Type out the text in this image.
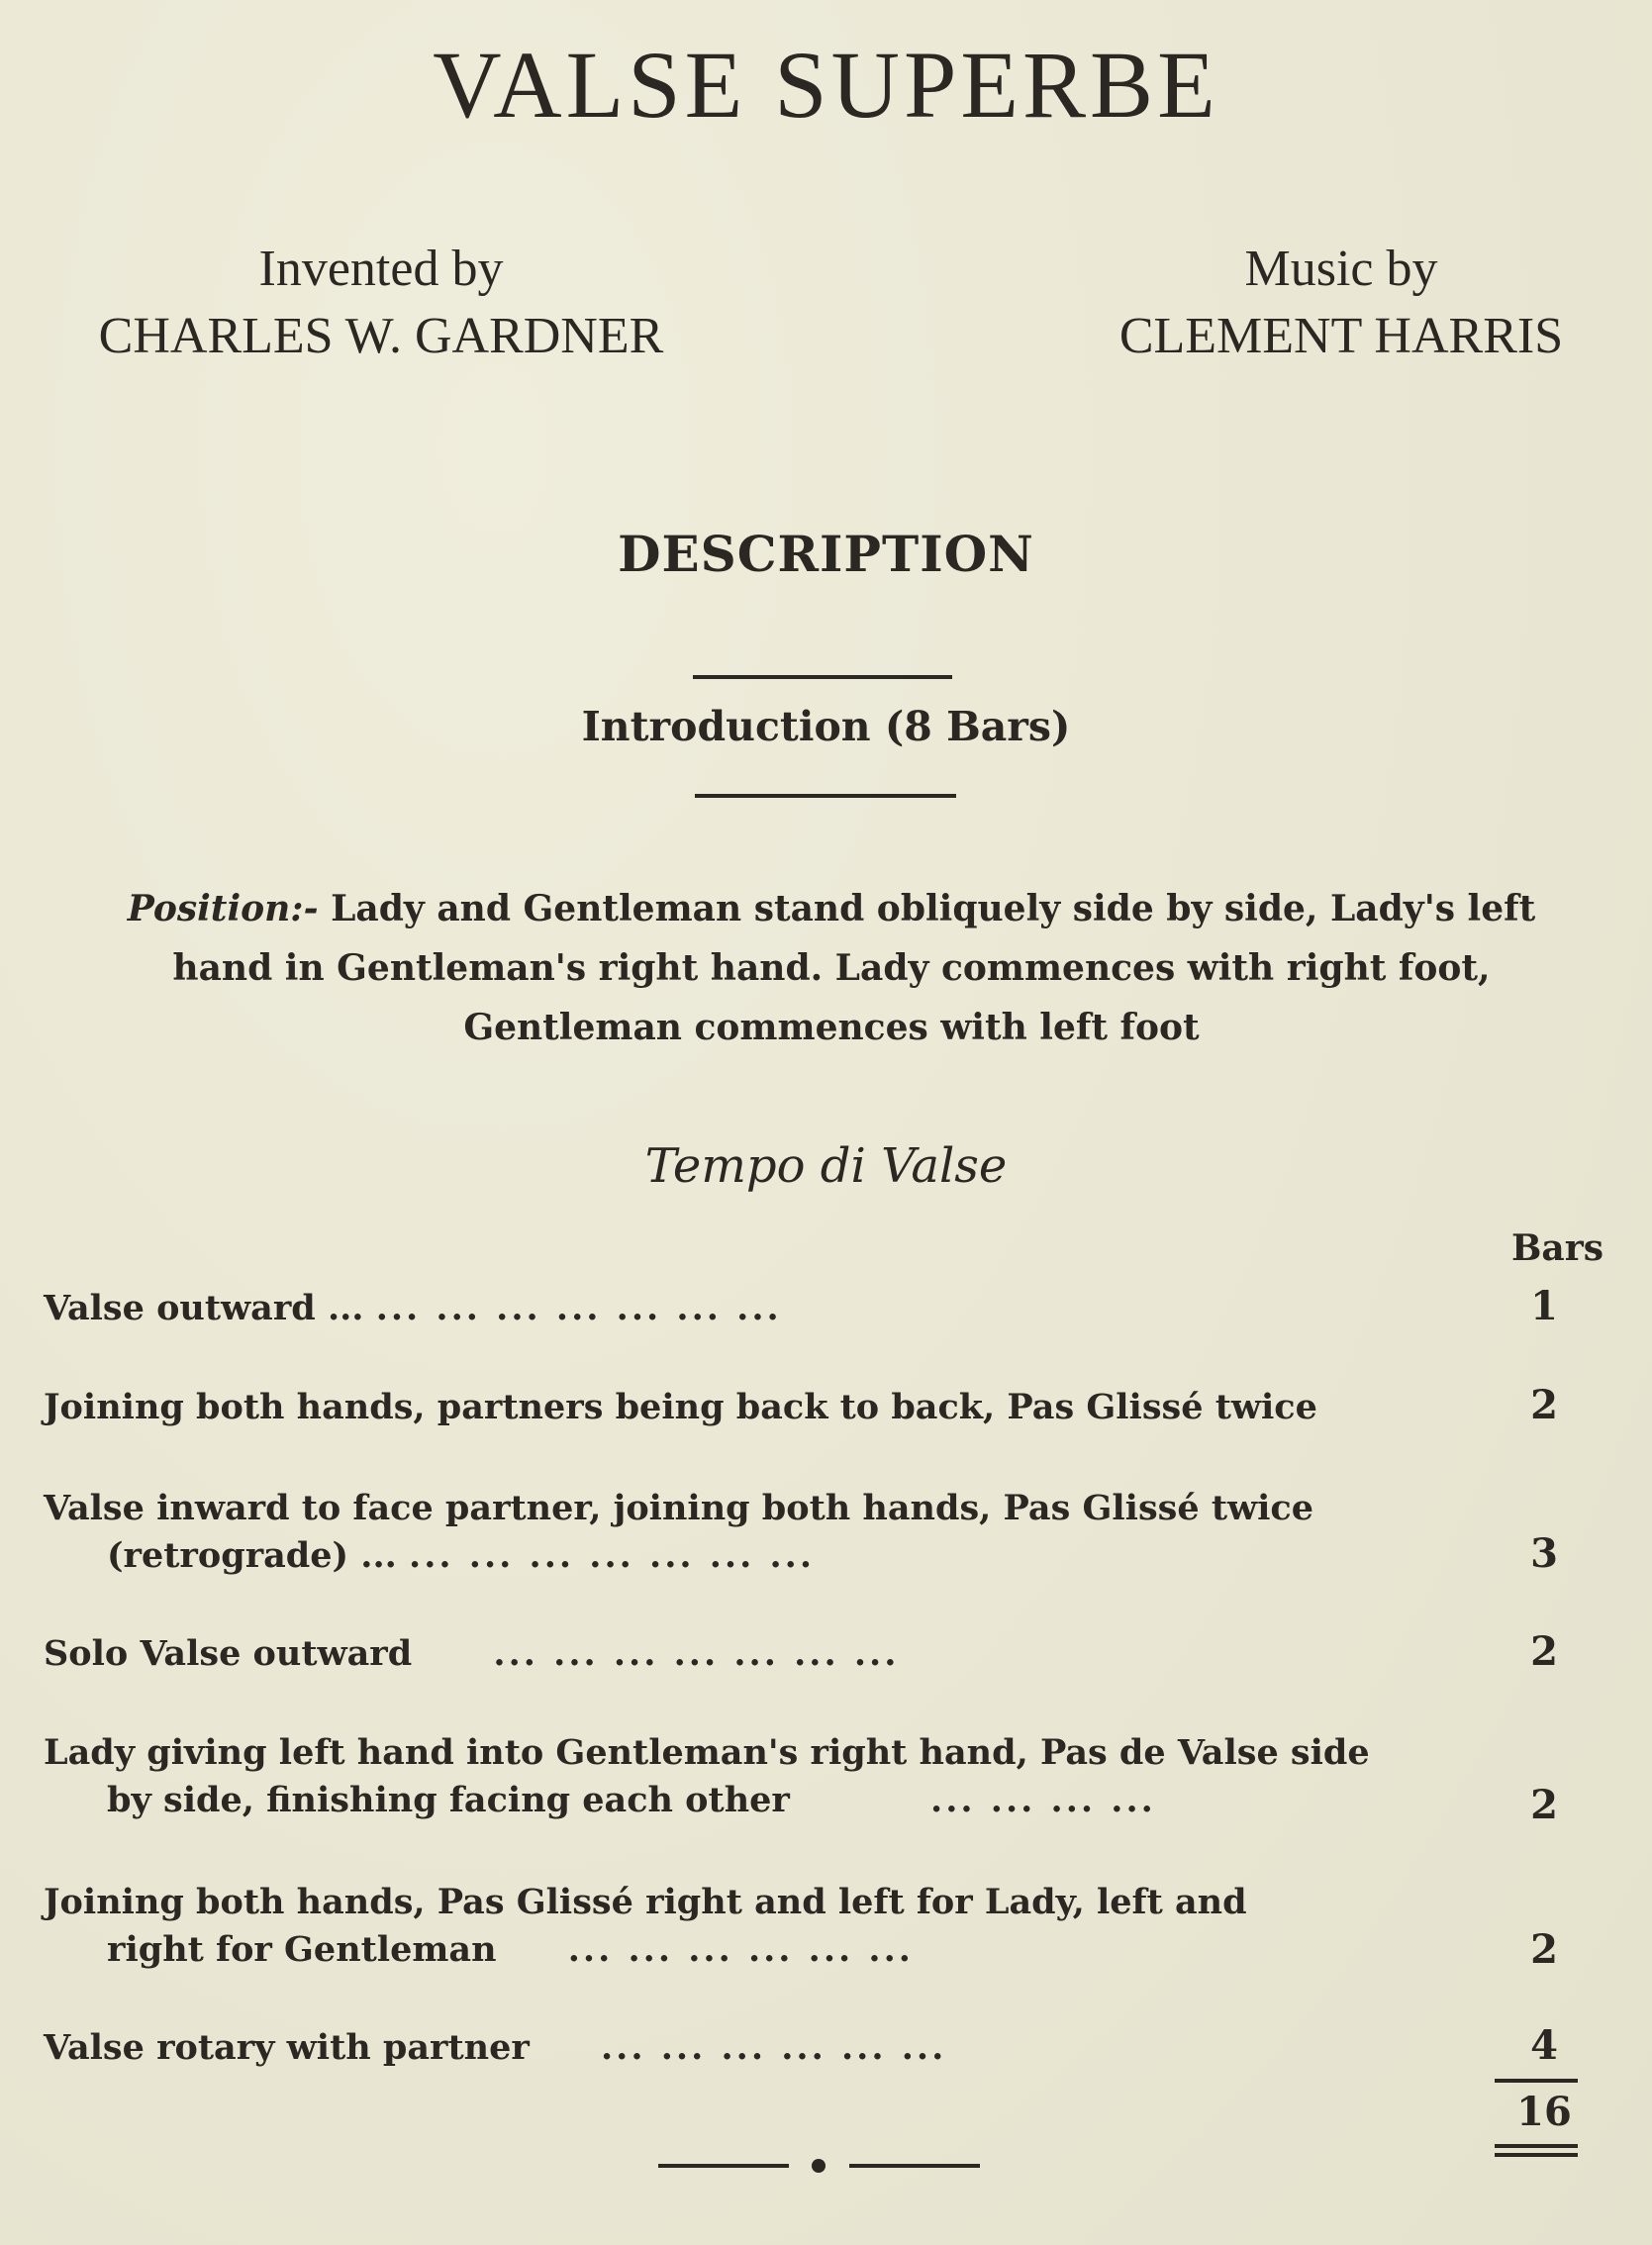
VALSE SUPERBE
Invented by
CHARLES W. GARDNER
Music by
CLEMENT HARRIS
DESCRIPTION
Introduction (8 Bars)
Position:- Lady and Gentleman stand obliquely side by side, Lady's left
hand in Gentleman's right hand. Lady commences with right foot,
Gentleman commences with left foot
Tempo di Valse
Bars
Valse outward ... ... ... ... ... ... ... ...	1
Joining both hands, partners being back to back, Pas Glissé twice	2
Valse inward to face partner, joining both hands, Pas Glissé twice
(retrograde) ... ... ... ... ... ... ... ...	3
Solo Valse outward ... ... ... ... ... ... ...	2
Lady giving left hand into Gentleman's right hand, Pas de Valse side
by side, finishing facing each other	... ... ... ...	2
Joining both hands, Pas Glissé right and left for Lady, left and
right for Gentleman ... ... ... ... ... ...	2
Valse rotary with partner ... ... ... ... ... ...	4
16
